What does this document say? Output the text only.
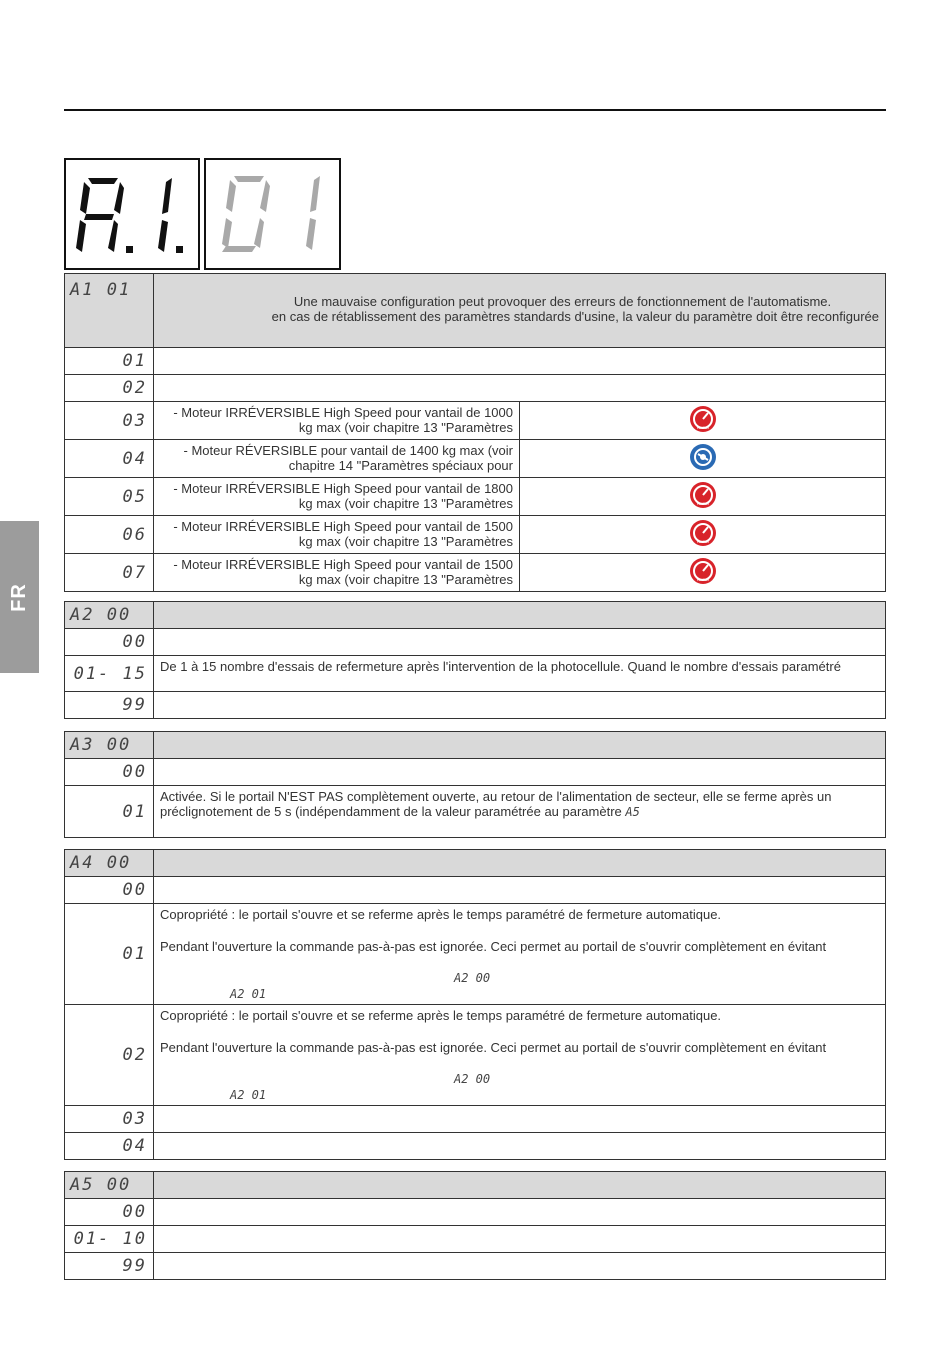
FR
A1 01	Une mauvaise configuration peut provoquer des erreurs de fonctionnement de l'automatisme.
en cas de rétablissement des paramètres standards d'usine, la valeur du paramètre doit être reconfigurée	

01		
02		
03	- Moteur IRRÉVERSIBLE High Speed pour vantail de 1000 kg max (voir chapitre 13 "Paramètres	RAPID

04	- Moteur RÉVERSIBLE pour vantail de 1400 kg max (voir chapitre 14 "Paramètres spéciaux pour

05	- Moteur IRRÉVERSIBLE High Speed pour vantail de 1800 kg max (voir chapitre 13 "Paramètres	RAPID

06	- Moteur IRRÉVERSIBLE High Speed pour vantail de 1500 kg max (voir chapitre 13 "Paramètres	RAPID

07	- Moteur IRRÉVERSIBLE High Speed pour vantail de 1500 kg max (voir chapitre 13 "Paramètres	RAPID
A2 00	
00	
01- 15	De 1 à 15 nombre d'essais de refermeture après l'intervention de la photocellule. Quand le nombre d'essais paramétré

99	
A3 00	
00	
01	Activée. Si le portail N'EST PAS complètement ouverte, au retour de l'alimentation de secteur, elle se ferme après un
préclignotement de 5 s (indépendamment de la valeur paramétrée au paramètre A5
A4 00	
00	
01	Copropriété : le portail s'ouvre et se referme après le temps paramétré de fermeture automatique.
Pendant l'ouverture la commande pas-à-pas est ignorée. Ceci permet au portail de s'ouvrir complètement en évitant
A2 00
A2 01

02	Copropriété : le portail s'ouvre et se referme après le temps paramétré de fermeture automatique.
Pendant l'ouverture la commande pas-à-pas est ignorée. Ceci permet au portail de s'ouvrir complètement en évitant
A2 00
A2 01

03	
04	
A5 00	
00	
01- 10	
99	
